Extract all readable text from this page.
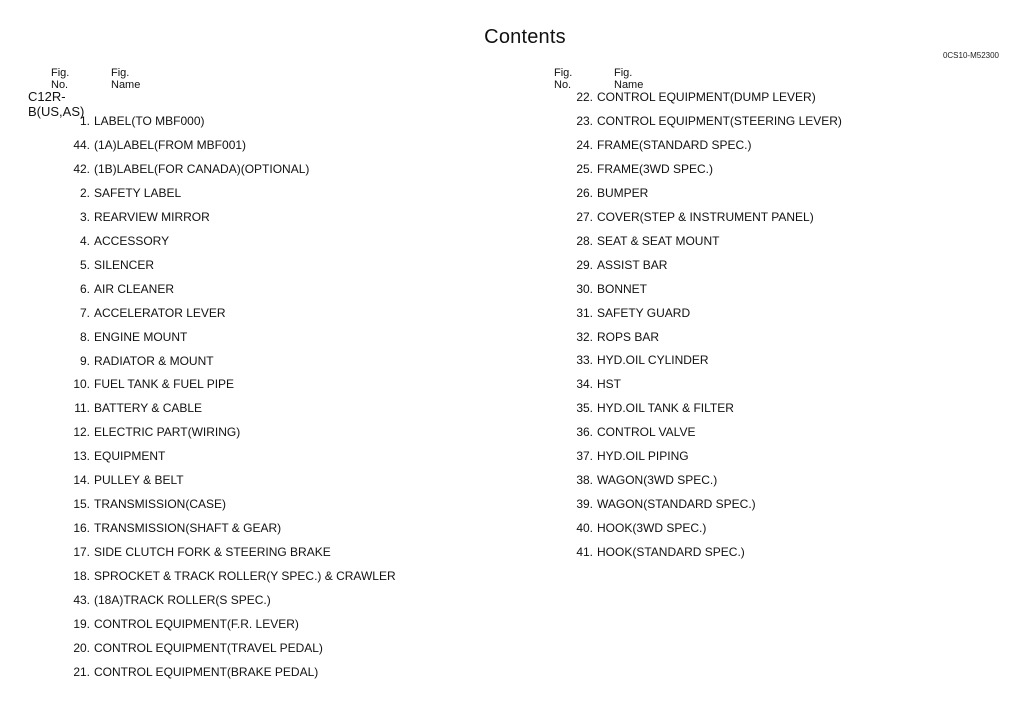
Contents
0CS10-M52300
Fig. No.
Fig. Name
C12R-B(US,AS)
1. LABEL(TO MBF000)
44. (1A)LABEL(FROM MBF001)
42. (1B)LABEL(FOR CANADA)(OPTIONAL)
2. SAFETY LABEL
3. REARVIEW MIRROR
4. ACCESSORY
5. SILENCER
6. AIR CLEANER
7. ACCELERATOR LEVER
8. ENGINE MOUNT
9. RADIATOR & MOUNT
10. FUEL TANK & FUEL PIPE
11. BATTERY & CABLE
12. ELECTRIC PART(WIRING)
13. EQUIPMENT
14. PULLEY & BELT
15. TRANSMISSION(CASE)
16. TRANSMISSION(SHAFT & GEAR)
17. SIDE CLUTCH FORK & STEERING BRAKE
18. SPROCKET & TRACK ROLLER(Y SPEC.) & CRAWLER
43. (18A)TRACK ROLLER(S SPEC.)
19. CONTROL EQUIPMENT(F.R. LEVER)
20. CONTROL EQUIPMENT(TRAVEL PEDAL)
21. CONTROL EQUIPMENT(BRAKE PEDAL)
Fig. No.
Fig. Name
22. CONTROL EQUIPMENT(DUMP LEVER)
23. CONTROL EQUIPMENT(STEERING LEVER)
24. FRAME(STANDARD SPEC.)
25. FRAME(3WD SPEC.)
26. BUMPER
27. COVER(STEP & INSTRUMENT PANEL)
28. SEAT & SEAT MOUNT
29. ASSIST BAR
30. BONNET
31. SAFETY GUARD
32. ROPS BAR
33. HYD.OIL CYLINDER
34. HST
35. HYD.OIL TANK & FILTER
36. CONTROL VALVE
37. HYD.OIL PIPING
38. WAGON(3WD SPEC.)
39. WAGON(STANDARD SPEC.)
40. HOOK(3WD SPEC.)
41. HOOK(STANDARD SPEC.)
